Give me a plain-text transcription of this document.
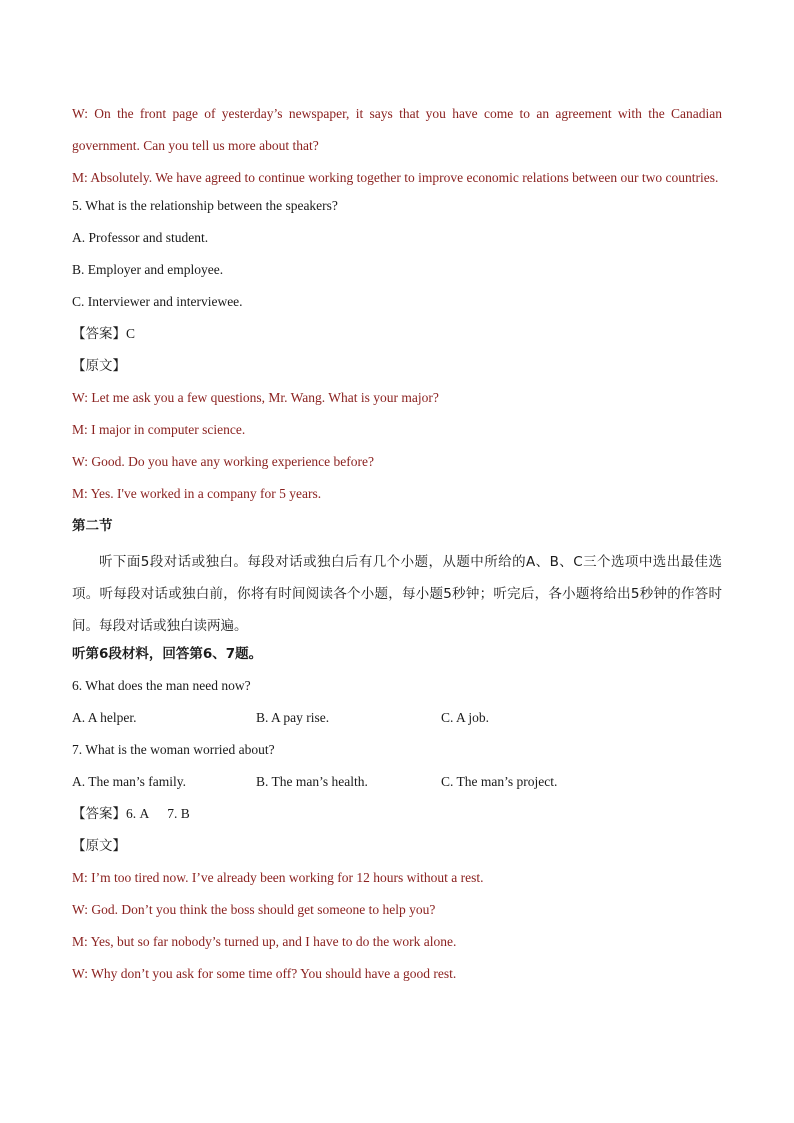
W: On the front page of yesterday’s newspaper, it says that you have come to an agreement with the Canadian government. Can you tell us more about that?
M: Absolutely. We have agreed to continue working together to improve economic relations between our two countries.
5. What is the relationship between the speakers?
A. Professor and student.
B. Employer and employee.
C. Interviewer and interviewee.
【答案】C
【原文】
W: Let me ask you a few questions, Mr. Wang. What is your major?
M: I major in computer science.
W: Good. Do you have any working experience before?
M: Yes. I've worked in a company for 5 years.
第二节
听下面5段对话或独白。每段对话或独白后有几个小题，从题中所给的A、B、C三个选项中选出最佳选项。听每段对话或独白前，你将有时间阅读各个小题，每小题5秒钟；听完后，各小题将给出5秒钟的作答时间。每段对话或独白读两遍。
听第6段材料，回答第6、7题。
6. What does the man need now?
A. A helper.	B. A pay rise.	C. A job.
7. What is the woman worried about?
A. The man’s family.	B. The man’s health.	C. The man’s project.
【答案】6. A 7. B
【原文】
M: I’m too tired now. I’ve already been working for 12 hours without a rest.
W: God. Don’t you think the boss should get someone to help you?
M: Yes, but so far nobody’s turned up, and I have to do the work alone.
W: Why don’t you ask for some time off? You should have a good rest.
